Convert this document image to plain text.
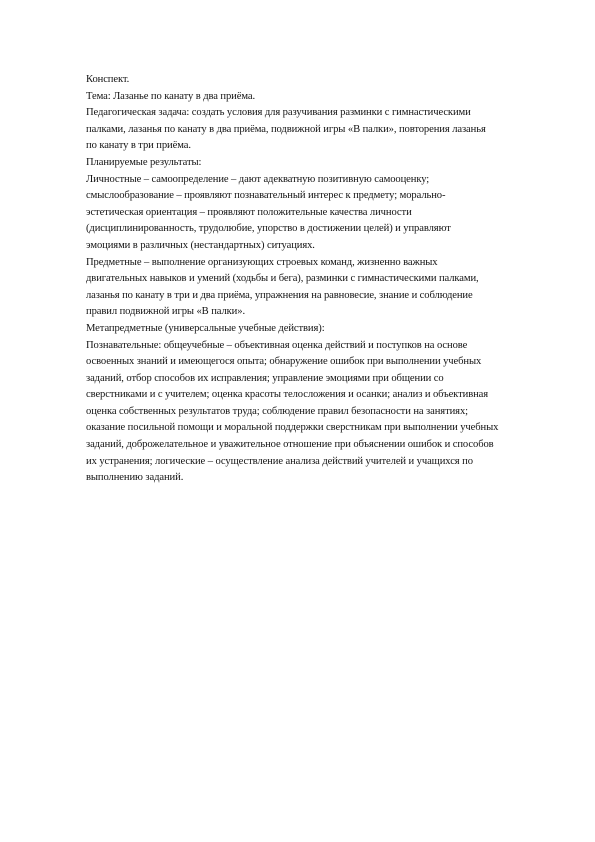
Конспект.

Тема: Лазанье по канату в два приёма.

Педагогическая задача: создать условия для разучивания разминки с гимнастическими
палками, лазанья по канату в два приёма, подвижной игры «В палки», повторения лазанья
по канату в три приёма.

Планируемые результаты:

Личностные – самоопределение – дают адекватную позитивную самооценку;
смыслообразование – проявляют познавательный интерес к предмету; морально-
эстетическая ориентация – проявляют положительные качества личности
(дисциплинированность, трудолюбие, упорство в достижении целей) и управляют
эмоциями в различных (нестандартных) ситуациях.

Предметные – выполнение организующих строевых команд, жизненно важных
двигательных навыков и умений (ходьбы и бега), разминки с гимнастическими палками,
лазанья по канату в три и два приёма, упражнения на равновесие, знание и соблюдение
правил подвижной игры «В палки».

Метапредметные (универсальные учебные действия):

Познавательные: общеучебные – объективная оценка действий и поступков на основе
освоенных знаний и имеющегося опыта; обнаружение ошибок при выполнении учебных
заданий, отбор способов их исправления; управление эмоциями при общении со
сверстниками и с учителем; оценка красоты телосложения и осанки; анализ и объективная
оценка собственных результатов труда; соблюдение правил безопасности на занятиях;
оказание посильной помощи и моральной поддержки сверстникам при выполнении учебных
заданий, доброжелательное и уважительное отношение при объяснении ошибок и способов
их устранения; логические – осуществление анализа действий учителей и учащихся по
выполнению заданий.
